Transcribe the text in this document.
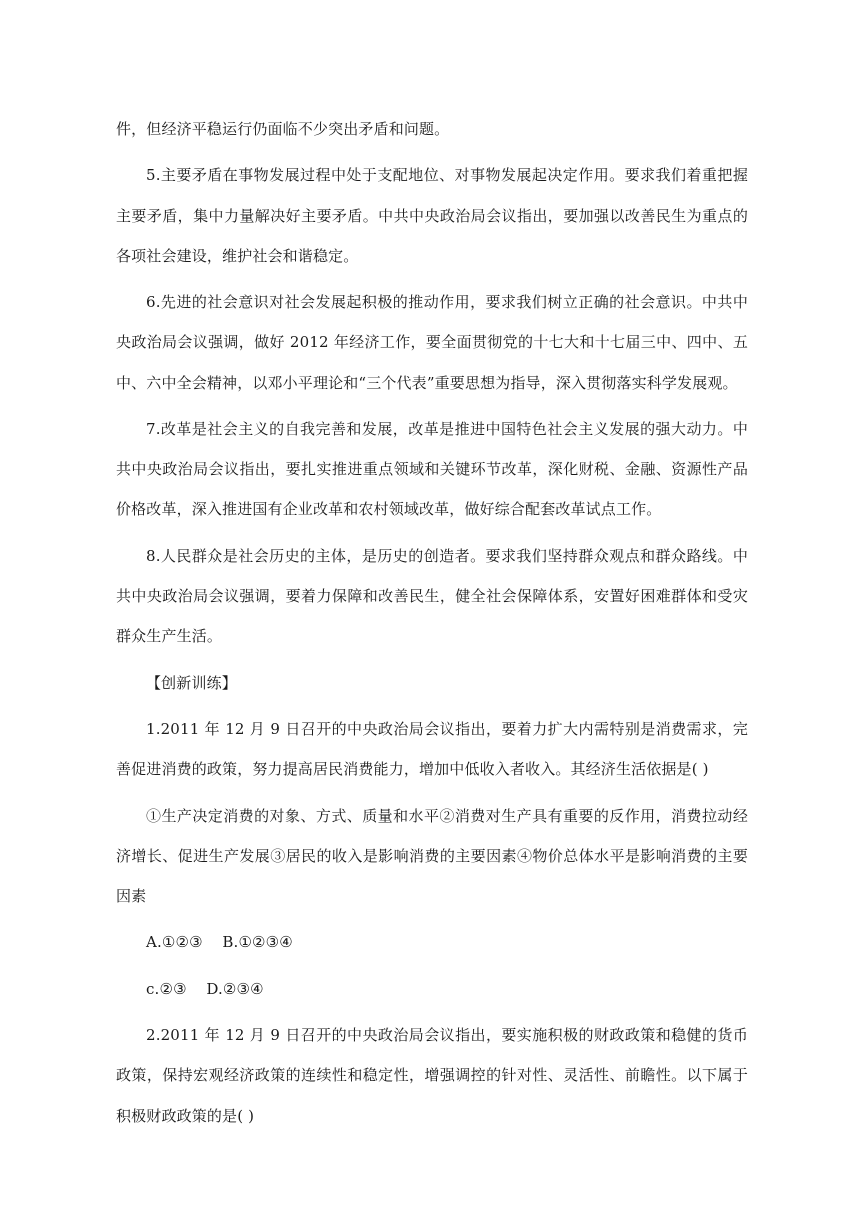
件，但经济平稳运行仍面临不少突出矛盾和问题。

5.主要矛盾在事物发展过程中处于支配地位、对事物发展起决定作用。要求我们着重把握主要矛盾，集中力量解决好主要矛盾。中共中央政治局会议指出，要加强以改善民生为重点的各项社会建设，维护社会和谐稳定。

6.先进的社会意识对社会发展起积极的推动作用，要求我们树立正确的社会意识。中共中央政治局会议强调，做好 2012 年经济工作，要全面贯彻党的十七大和十七届三中、四中、五中、六中全会精神，以邓小平理论和“三个代表”重要思想为指导，深入贯彻落实科学发展观。

7.改革是社会主义的自我完善和发展，改革是推进中国特色社会主义发展的强大动力。中共中央政治局会议指出，要扎实推进重点领域和关键环节改革，深化财税、金融、资源性产品价格改革，深入推进国有企业改革和农村领域改革，做好综合配套改革试点工作。

8.人民群众是社会历史的主体，是历史的创造者。要求我们坚持群众观点和群众路线。中共中央政治局会议强调，要着力保障和改善民生，健全社会保障体系，安置好困难群体和受灾群众生产生活。

【创新训练】

1.2011 年 12 月 9 日召开的中央政治局会议指出，要着力扩大内需特别是消费需求，完善促进消费的政策，努力提高居民消费能力，增加中低收入者收入。其经济生活依据是( )

①生产决定消费的对象、方式、质量和水平②消费对生产具有重要的反作用，消费拉动经济增长、促进生产发展③居民的收入是影响消费的主要因素④物价总体水平是影响消费的主要因素

A.①②③    B.①②③④

c.②③    D.②③④

2.2011 年 12 月 9 日召开的中央政治局会议指出，要实施积极的财政政策和稳健的货币政策，保持宏观经济政策的连续性和稳定性，增强调控的针对性、灵活性、前瞻性。以下属于积极财政政策的是( )
